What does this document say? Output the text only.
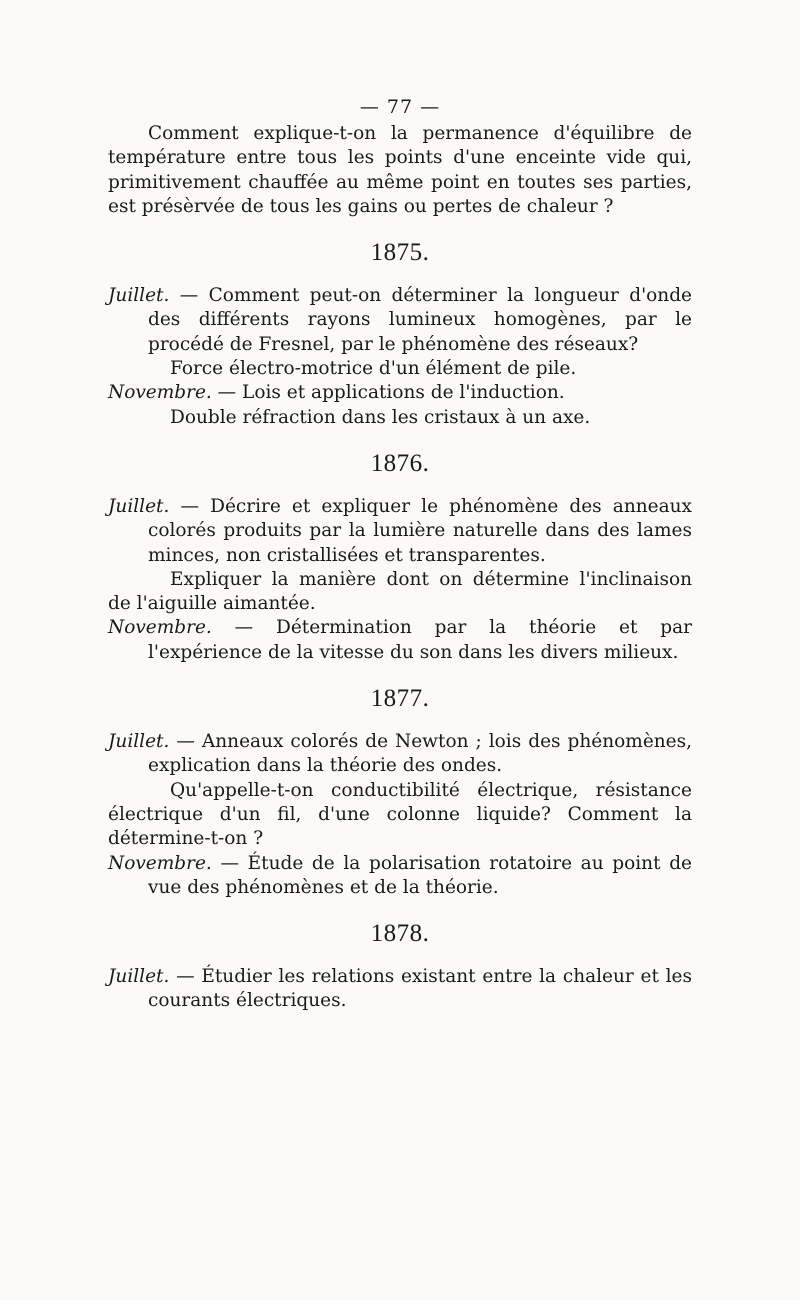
— 77 —

Comment explique-t-on la permanence d'équilibre de température entre tous les points d'une enceinte vide qui, primitivement chauffée au même point en toutes ses parties, est présèrvée de tous les gains ou pertes de chaleur ?

1875.

Juillet. — Comment peut-on déterminer la longueur d'onde des différents rayons lumineux homogènes, par le procédé de Fresnel, par le phénomène des réseaux?

Force électro-motrice d'un élément de pile.

Novembre. — Lois et applications de l'induction.

Double réfraction dans les cristaux à un axe.

1876.

Juillet. — Décrire et expliquer le phénomène des anneaux colorés produits par la lumière naturelle dans des lames minces, non cristallisées et transparentes.

Expliquer la manière dont on détermine l'inclinaison de l'aiguille aimantée.

Novembre. — Détermination par la théorie et par l'expérience de la vitesse du son dans les divers milieux.

1877.

Juillet. — Anneaux colorés de Newton ; lois des phénomènes, explication dans la théorie des ondes.

Qu'appelle-t-on conductibilité électrique, résistance électrique d'un fil, d'une colonne liquide? Comment la détermine-t-on ?

Novembre. — Étude de la polarisation rotatoire au point de vue des phénomènes et de la théorie.

1878.

Juillet. — Étudier les relations existant entre la chaleur et les courants électriques.
